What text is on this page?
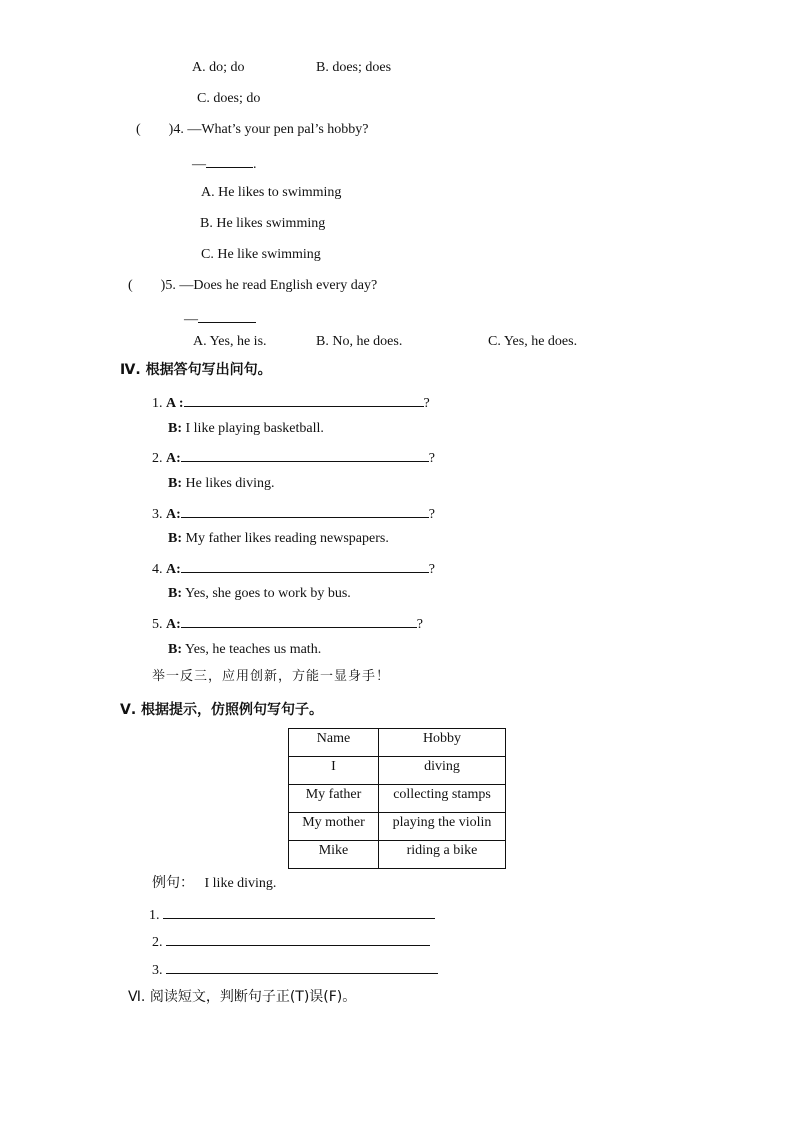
A. do; do	B. does; does
C. does; do
(　　)4. —What’s your pen pal’s hobby?
—	.
A. He likes to swimming
B. He likes swimming
C. He like swimming
(　　)5. —Does he read English every day?
—
A. Yes, he is.	B. No, he does.	C. Yes, he does.
Ⅳ. 根据答句写出问句。
1. A :	?
B: I like playing basketball.
2. A:	?
B: He likes diving.
3. A:	?
B: My father likes reading newspapers.
4. A:	?
B: Yes, she goes to work by bus.
5. A:	?
B: Yes, he teaches us math.
举一反三，应用创新，方能一显身手！
Ⅴ. 根据提示，仿照例句写句子。
Name	Hobby
I	diving
My father	collecting stamps
My mother	playing the violin
Mike	riding a bike
例句： I like diving.
1.
2.
3.
Ⅵ. 阅读短文，判断句子正(T)误(F)。
